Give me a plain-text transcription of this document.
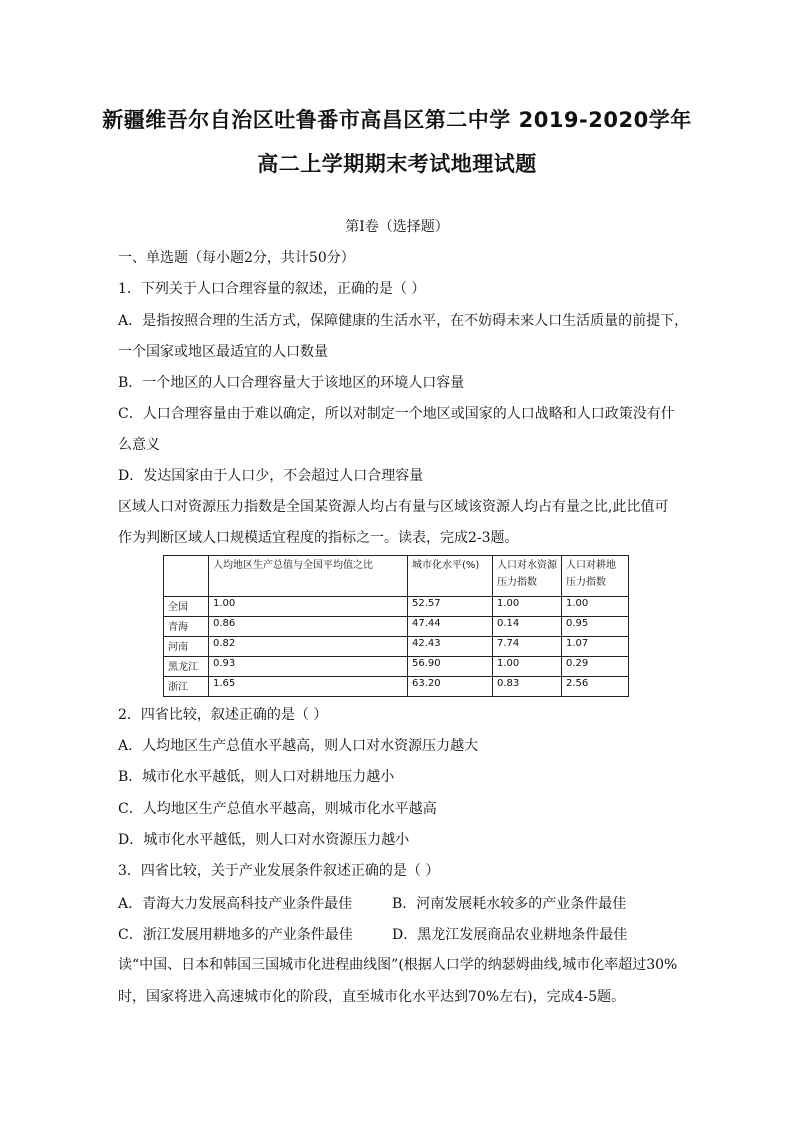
新疆维吾尔自治区吐鲁番市高昌区第二中学 2019-2020学年
高二上学期期末考试地理试题
第I卷（选择题）
一、单选题（每小题2分，共计50分）
1．下列关于人口合理容量的叙述，正确的是（ ）
A．是指按照合理的生活方式，保障健康的生活水平，在不妨碍未来人口生活质量的前提下，
一个国家或地区最适宜的人口数量
B．一个地区的人口合理容量大于该地区的环境人口容量
C．人口合理容量由于难以确定，所以对制定一个地区或国家的人口战略和人口政策没有什
么意义
D．发达国家由于人口少，不会超过人口合理容量
区域人口对资源压力指数是全国某资源人均占有量与区域该资源人均占有量之比,此比值可
作为判断区域人口规模适宜程度的指标之一。读表，完成2-3题。
	人均地区生产总值与全国平均值之比	城市化水平(%)	人口对水资源压力指数	人口对耕地压力指数
全国	1.00	52.57	1.00	1.00
青海	0.86	47.44	0.14	0.95
河南	0.82	42.43	7.74	1.07
黑龙江	0.93	56.90	1.00	0.29
浙江	1.65	63.20	0.83	2.56
2．四省比较，叙述正确的是（ ）
A．人均地区生产总值水平越高，则人口对水资源压力越大
B．城市化水平越低，则人口对耕地压力越小
C．人均地区生产总值水平越高，则城市化水平越高
D．城市化水平越低，则人口对水资源压力越小
3．四省比较，关于产业发展条件叙述正确的是（ ）
A．青海大力发展高科技产业条件最佳	B．河南发展耗水较多的产业条件最佳
C．浙江发展用耕地多的产业条件最佳	D．黑龙江发展商品农业耕地条件最佳
读“中国、日本和韩国三国城市化进程曲线图”(根据人口学的纳瑟姆曲线,城市化率超过30%
时，国家将进入高速城市化的阶段，直至城市化水平达到70%左右)，完成4-5题。
